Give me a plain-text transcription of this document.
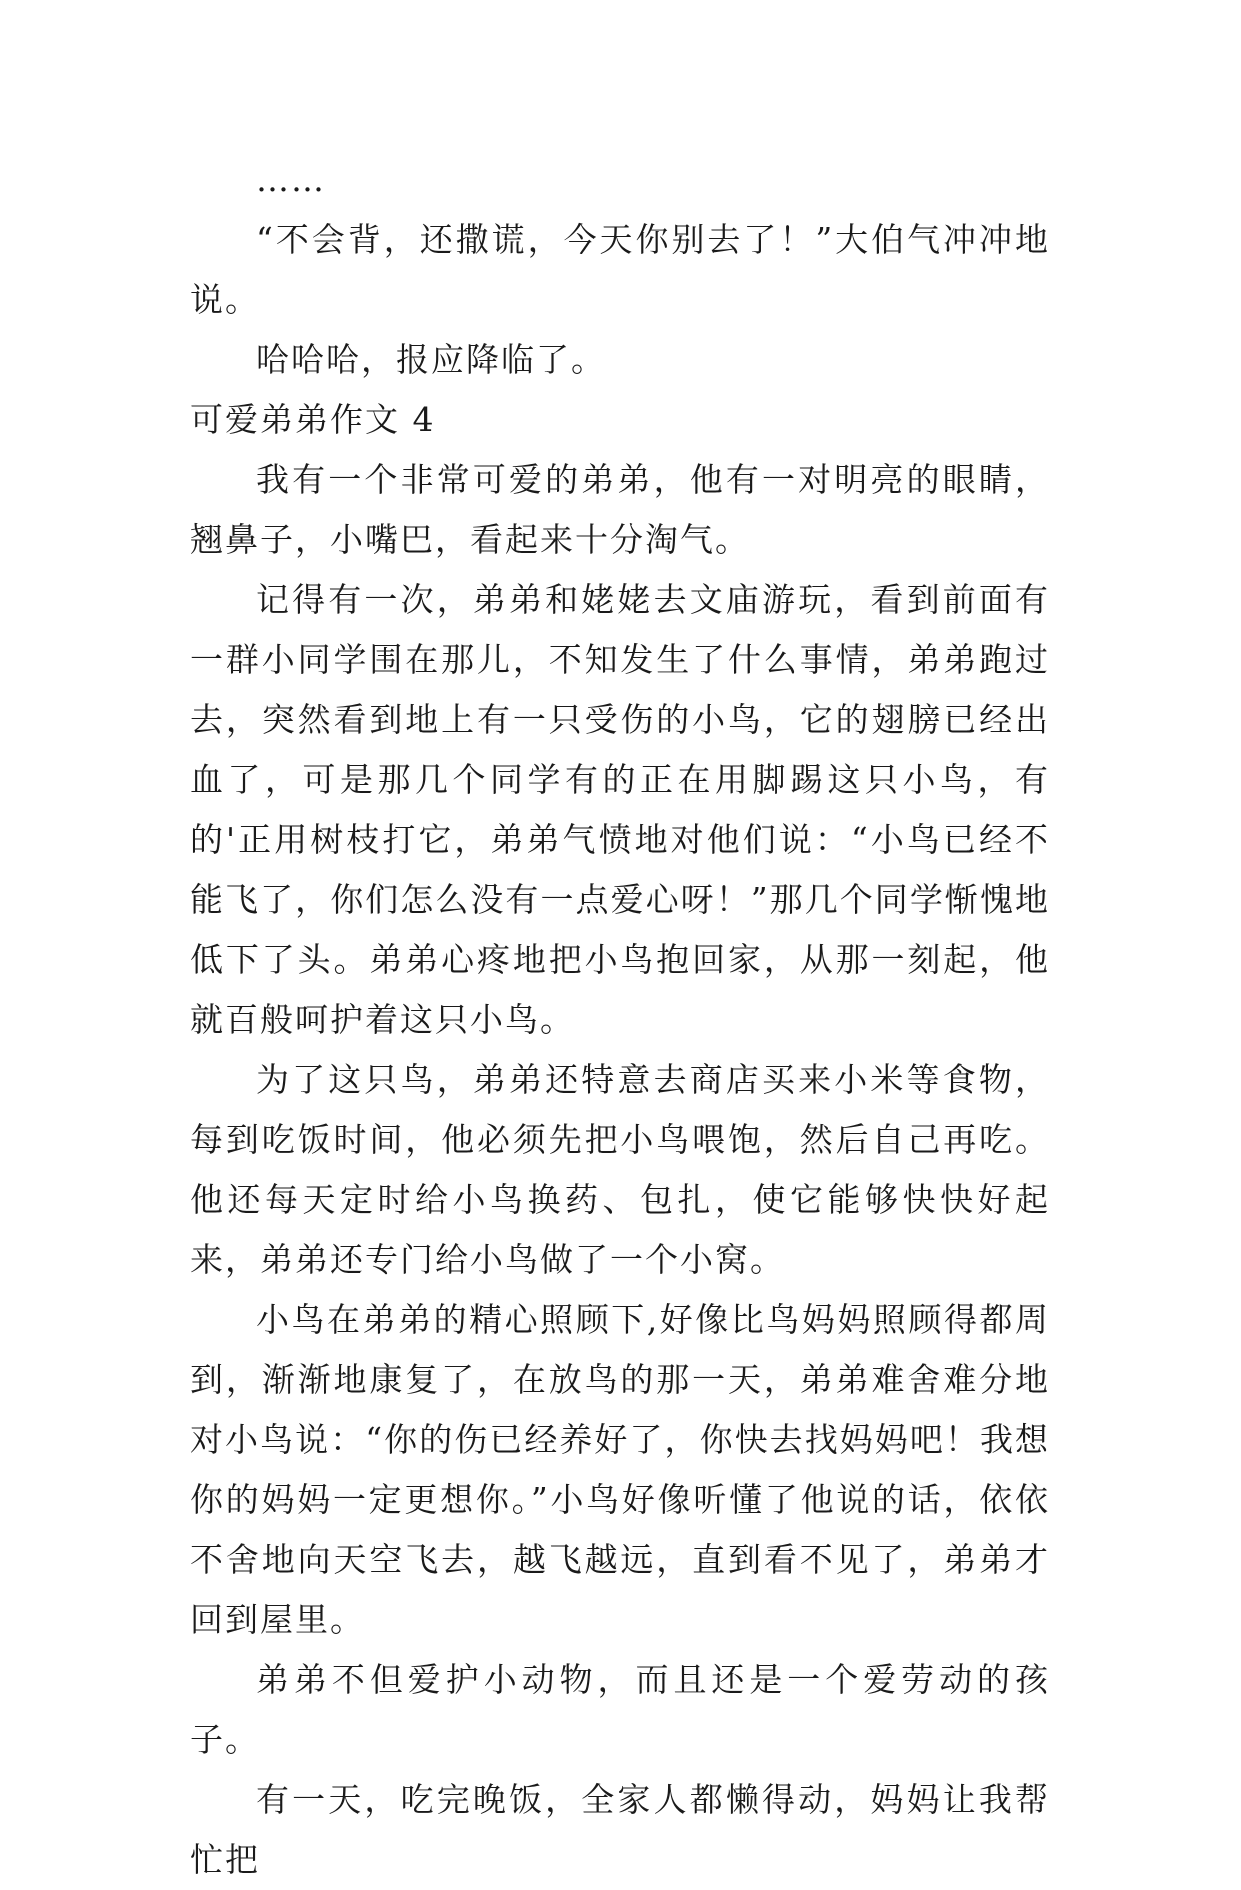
……

“不会背，还撒谎，今天你别去了！”大伯气冲冲地说。

哈哈哈，报应降临了。

可爱弟弟作文 4

我有一个非常可爱的弟弟，他有一对明亮的眼睛，翘鼻子，小嘴巴，看起来十分淘气。

记得有一次，弟弟和姥姥去文庙游玩，看到前面有一群小同学围在那儿，不知发生了什么事情，弟弟跑过去，突然看到地上有一只受伤的小鸟，它的翅膀已经出血了，可是那几个同学有的正在用脚踢这只小鸟，有的'正用树枝打它，弟弟气愤地对他们说：“小鸟已经不能飞了，你们怎么没有一点爱心呀！”那几个同学惭愧地低下了头。弟弟心疼地把小鸟抱回家，从那一刻起，他就百般呵护着这只小鸟。

为了这只鸟，弟弟还特意去商店买来小米等食物，每到吃饭时间，他必须先把小鸟喂饱，然后自己再吃。他还每天定时给小鸟换药、包扎，使它能够快快好起来，弟弟还专门给小鸟做了一个小窝。

小鸟在弟弟的精心照顾下,好像比鸟妈妈照顾得都周到，渐渐地康复了，在放鸟的那一天，弟弟难舍难分地对小鸟说：“你的伤已经养好了，你快去找妈妈吧！我想你的妈妈一定更想你。”小鸟好像听懂了他说的话，依依不舍地向天空飞去，越飞越远，直到看不见了，弟弟才回到屋里。

弟弟不但爱护小动物，而且还是一个爱劳动的孩子。

有一天，吃完晚饭，全家人都懒得动，妈妈让我帮忙把
